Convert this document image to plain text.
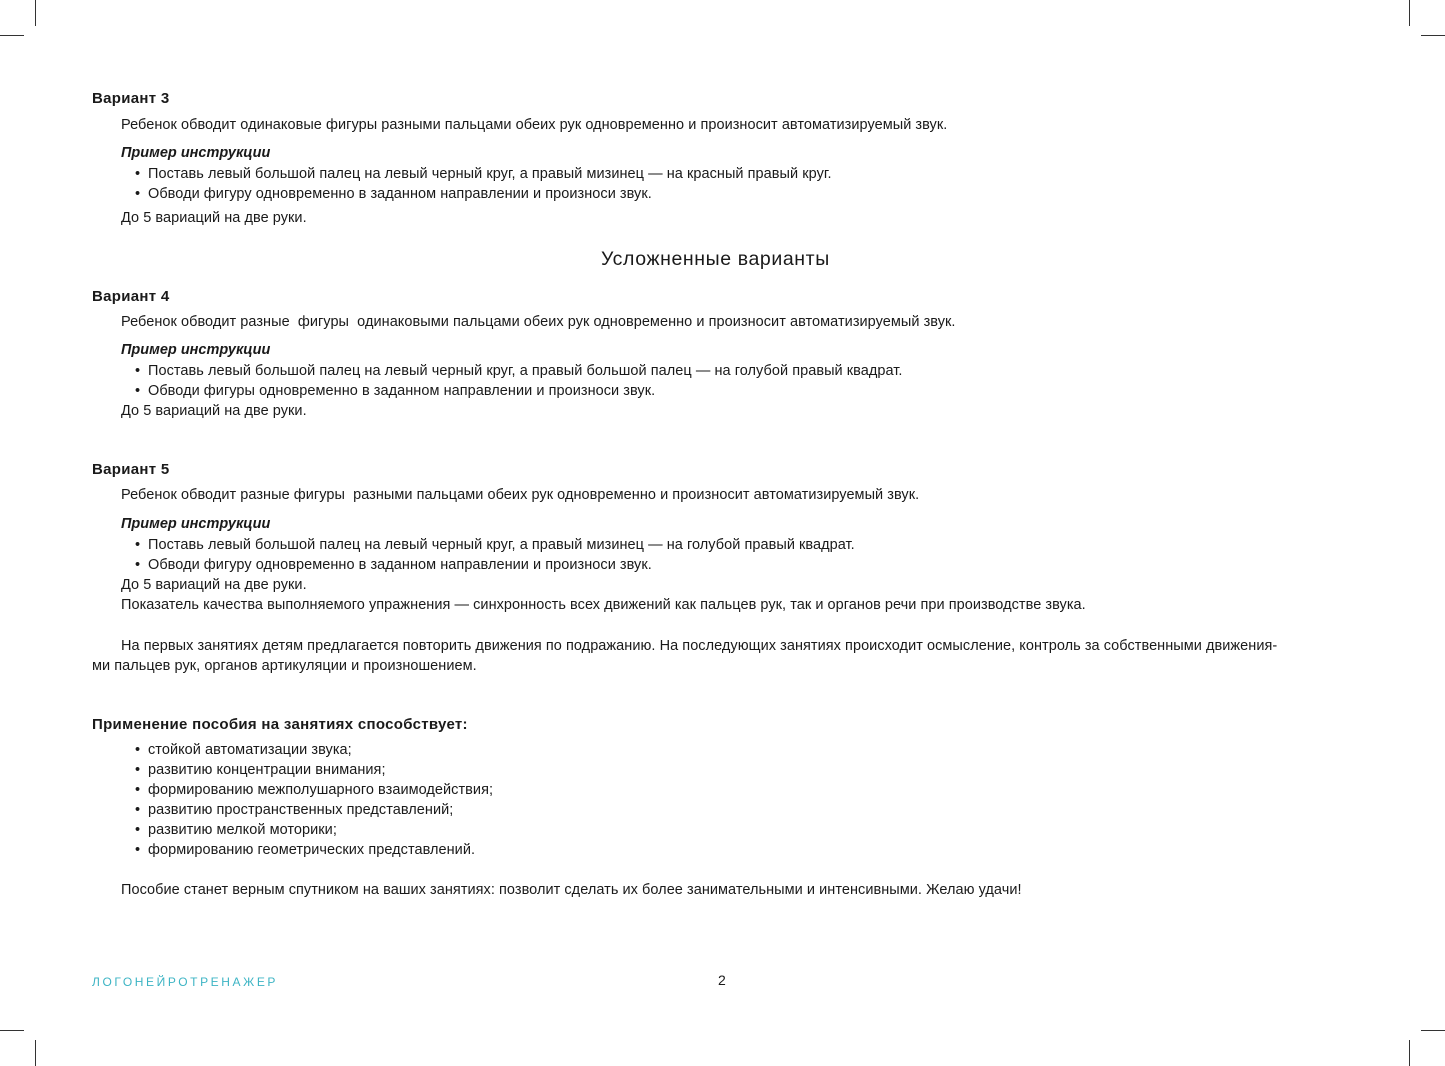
Вариант 3
Ребенок обводит одинаковые фигуры разными пальцами обеих рук одновременно и произносит автоматизируемый звук.
Пример инструкции
• Поставь левый большой палец на левый черный круг, а правый мизинец — на красный правый круг.
• Обводи фигуру одновременно в заданном направлении и произноси звук.
До 5 вариаций на две руки.
Усложненные варианты
Вариант 4
Ребенок обводит разные  фигуры  одинаковыми пальцами обеих рук одновременно и произносит автоматизируемый звук.
Пример инструкции
• Поставь левый большой палец на левый черный круг, а правый большой палец — на голубой правый квадрат.
• Обводи фигуры одновременно в заданном направлении и произноси звук.
До 5 вариаций на две руки.
Вариант 5
Ребенок обводит разные фигуры  разными пальцами обеих рук одновременно и произносит автоматизируемый звук.
Пример инструкции
• Поставь левый большой палец на левый черный круг, а правый мизинец — на голубой правый квадрат.
• Обводи фигуру одновременно в заданном направлении и произноси звук.
До 5 вариаций на две руки.
Показатель качества выполняемого упражнения — синхронность всех движений как пальцев рук, так и органов речи при производстве звука.
На первых занятиях детям предлагается повторить движения по подражанию. На последующих занятиях происходит осмысление, контроль за собственными движения-
ми пальцев рук, органов артикуляции и произношением.
Применение пособия на занятиях способствует:
• стойкой автоматизации звука;
• развитию концентрации внимания;
• формированию межполушарного взаимодействия;
• развитию пространственных представлений;
• развитию мелкой моторики;
• формированию геометрических представлений.
Пособие станет верным спутником на ваших занятиях: позволит сделать их более занимательными и интенсивными. Желаю удачи!
ЛОГОНЕЙРОТРЕНАЖЕР	2
